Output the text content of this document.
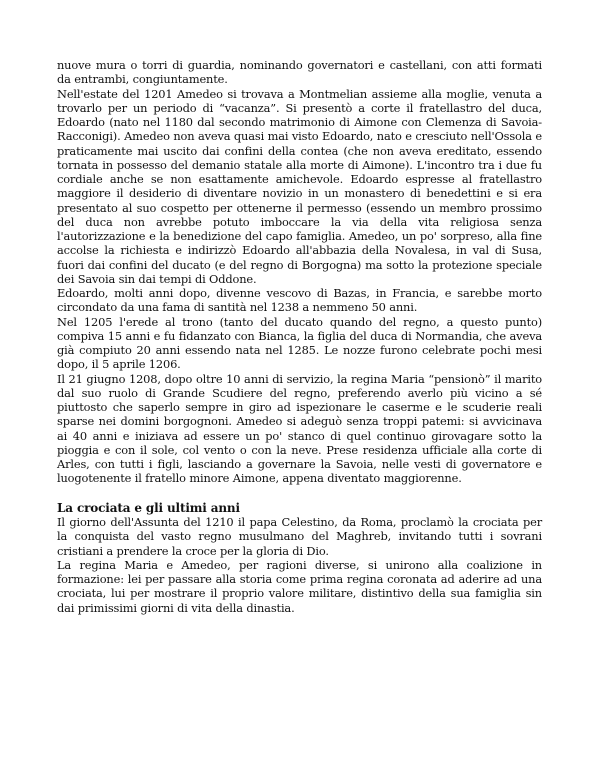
nuove mura o torri di guardia, nominando governatori e castellani, con atti formati da entrambi, congiuntamente.

Nell'estate del 1201 Amedeo si trovava a Montmelian assieme alla moglie, venuta a trovarlo per un periodo di “vacanza”. Si presentò a corte il fratellastro del duca, Edoardo (nato nel 1180 dal secondo matrimonio di Aimone con Clemenza di Savoia-Racconigi). Amedeo non aveva quasi mai visto Edoardo, nato e cresciuto nell'Ossola e praticamente mai uscito dai confini della contea (che non aveva ereditato, essendo tornata in possesso del demanio statale alla morte di Aimone). L'incontro tra i due fu cordiale anche se non esattamente amichevole. Edoardo espresse al fratellastro maggiore il desiderio di diventare novizio in un monastero di benedettini e si era presentato al suo cospetto per ottenerne il permesso (essendo un membro prossimo del duca non avrebbe potuto imboccare la via della vita religiosa senza l'autorizzazione e la benedizione del capo famiglia. Amedeo, un po' sorpreso, alla fine accolse la richiesta e indirizzò Edoardo all'abbazia della Novalesa, in val di Susa, fuori dai confini del ducato (e del regno di Borgogna) ma sotto la protezione speciale dei Savoia sin dai tempi di Oddone.

Edoardo, molti anni dopo, divenne vescovo di Bazas, in Francia, e sarebbe morto circondato da una fama di santità nel 1238 a nemmeno 50 anni.

Nel 1205 l'erede al trono (tanto del ducato quando del regno, a questo punto) compiva 15 anni e fu fidanzato con Bianca, la figlia del duca di Normandia, che aveva già compiuto 20 anni essendo nata nel 1285. Le nozze furono celebrate pochi mesi dopo, il 5 aprile 1206.

Il 21 giugno 1208, dopo oltre 10 anni di servizio, la regina Maria “pensionò” il marito dal suo ruolo di Grande Scudiere del regno, preferendo averlo più vicino a sé piuttosto che saperlo sempre in giro ad ispezionare le caserme e le scuderie reali sparse nei domini borgognoni. Amedeo si adeguò senza troppi patemi: si avvicinava ai 40 anni e iniziava ad essere un po' stanco di quel continuo girovagare sotto la pioggia e con il sole, col vento o con la neve. Prese residenza ufficiale alla corte di Arles, con tutti i figli, lasciando a governare la Savoia, nelle vesti di governatore e luogotenente il fratello minore Aimone, appena diventato maggiorenne.

La crociata e gli ultimi anni

Il giorno dell'Assunta del 1210 il papa Celestino, da Roma, proclamò la crociata per la conquista del vasto regno musulmano del Maghreb, invitando tutti i sovrani cristiani a prendere la croce per la gloria di Dio.

La regina Maria e Amedeo, per ragioni diverse, si unirono alla coalizione in formazione: lei per passare alla storia come prima regina coronata ad aderire ad una crociata, lui per mostrare il proprio valore militare, distintivo della sua famiglia sin dai primissimi giorni di vita della dinastia.
